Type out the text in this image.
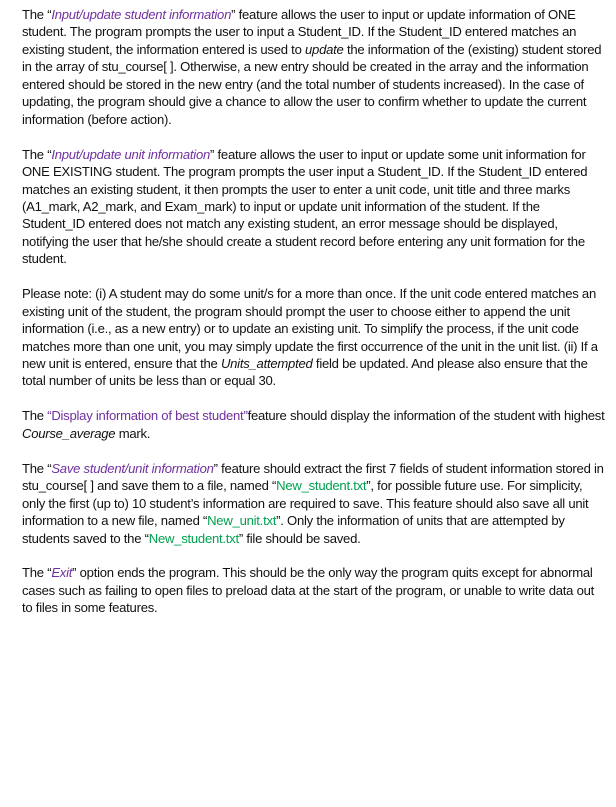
The “Input/update student information” feature allows the user to input or update information of ONE student. The program prompts the user to input a Student_ID. If the Student_ID entered matches an existing student, the information entered is used to update the information of the (existing) student stored in the array of stu_course[ ]. Otherwise, a new entry should be created in the array and the information entered should be stored in the new entry (and the total number of students increased). In the case of updating, the program should give a chance to allow the user to confirm whether to update the current information (before action).

The “Input/update unit information” feature allows the user to input or update some unit information for ONE EXISTING student. The program prompts the user input a Student_ID. If the Student_ID entered matches an existing student, it then prompts the user to enter a unit code, unit title and three marks (A1_mark, A2_mark, and Exam_mark) to input or update unit information of the student. If the Student_ID entered does not match any existing student, an error message should be displayed, notifying the user that he/she should create a student record before entering any unit formation for the student.

Please note: (i) A student may do some unit/s for a more than once. If the unit code entered matches an existing unit of the student, the program should prompt the user to choose either to append the unit information (i.e., as a new entry) or to update an existing unit. To simplify the process, if the unit code matches more than one unit, you may simply update the first occurrence of the unit in the unit list. (ii) If a new unit is entered, ensure that the Units_attempted field be updated. And please also ensure that the total number of units be less than or equal 30.

The “Display information of best student”feature should display the information of the student with highest Course_average mark.

The “Save student/unit information” feature should extract the first 7 fields of student information stored in stu_course[ ] and save them to a file, named “New_student.txt”, for possible future use. For simplicity, only the first (up to) 10 student’s information are required to save. This feature should also save all unit information to a new file, named “New_unit.txt”. Only the information of units that are attempted by students saved to the “New_student.txt” file should be saved.

The “Exit” option ends the program. This should be the only way the program quits except for abnormal cases such as failing to open files to preload data at the start of the program, or unable to write data out to files in some features.
